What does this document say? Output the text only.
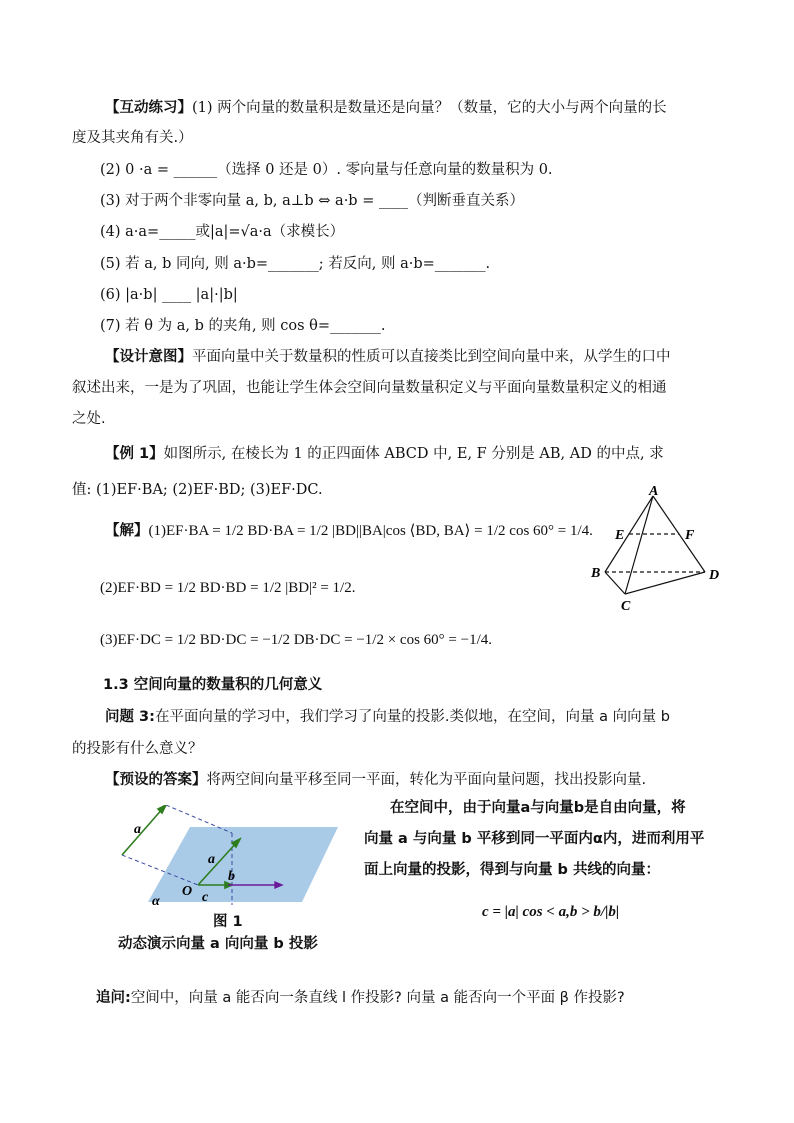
【互动练习】(1) 两个向量的数量积是数量还是向量？（数量，它的大小与两个向量的长
度及其夹角有关.）
(2) 0 ·a = ______（选择 0 还是 0）. 零向量与任意向量的数量积为 0.
(3) 对于两个非零向量 a, b, a⊥b ⇔ a·b = ____（判断垂直关系）
(4) a·a=_____或|a|=√a·a（求模长）
(5) 若 a, b 同向, 则 a·b=_______; 若反向, 则 a·b=_______.
(6) |a·b| ____ |a|·|b|
(7) 若 θ 为 a, b 的夹角, 则 cos θ=_______.
【设计意图】平面向量中关于数量积的性质可以直接类比到空间向量中来，从学生的口中
叙述出来，一是为了巩固，也能让学生体会空间向量数量积定义与平面向量数量积定义的相通
之处.
【例 1】如图所示, 在棱长为 1 的正四面体 ABCD 中, E, F 分别是 AB, AD 的中点, 求
值: (1)EF·BA; (2)EF·BD; (3)EF·DC.
【解】(1)EF·BA = 1/2 BD·BA = 1/2 |BD||BA|cos ⟨BD, BA⟩ = 1/2 cos 60° = 1/4.
(2)EF·BD = 1/2 BD·BD = 1/2 |BD|² = 1/2.
(3)EF·DC = 1/2 BD·DC = −1/2 DB·DC = −1/2 × cos 60° = −1/4.
A
E	F
B	D
C
1.3 空间向量的数量积的几何意义
问题 3:在平面向量的学习中，我们学习了向量的投影.类似地，在空间，向量 a 向向量 b
的投影有什么意义？
【预设的答案】将两空间向量平移至同一平面，转化为平面向量问题，找出投影向量.
a
a
b
c
O
α
图 1
动态演示向量 a 向向量 b 投影
在空间中，由于向量a与向量b是自由向量，将
向量 a 与向量 b 平移到同一平面内α内，进而利用平
面上向量的投影，得到与向量 b 共线的向量：
c = |a| cos < a,b > b/|b|
追问:空间中，向量 a 能否向一条直线 l 作投影? 向量 a 能否向一个平面 β 作投影?
